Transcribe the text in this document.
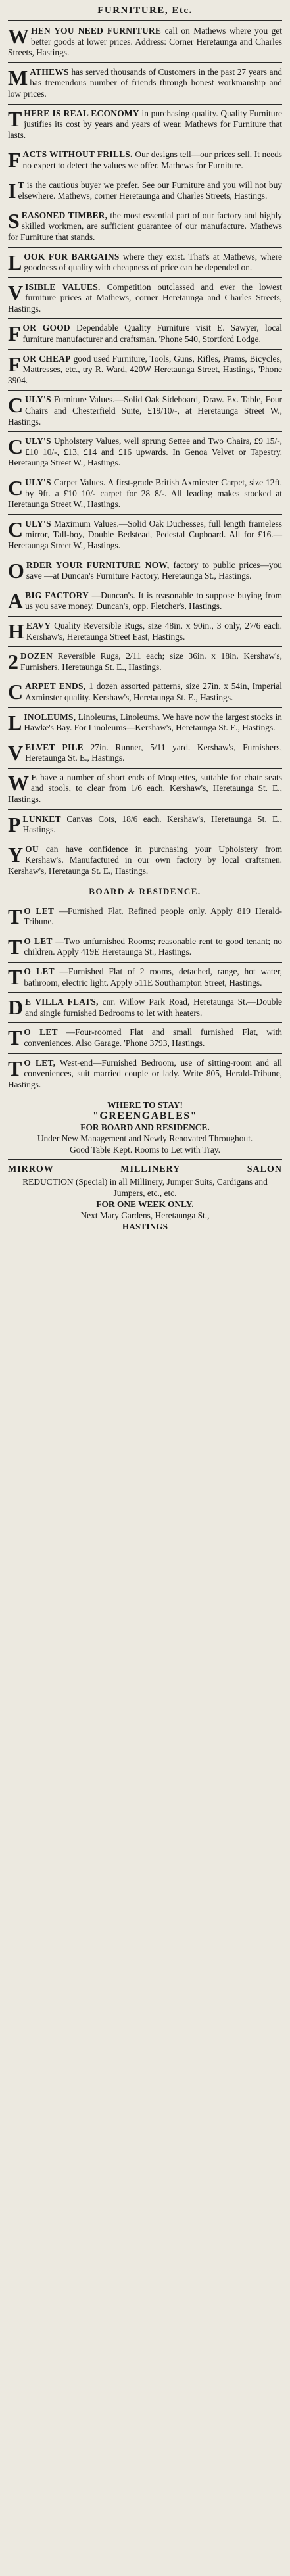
FURNITURE, Etc.

WHEN YOU NEED FURNITURE call on Mathews where you get better goods at lower prices. Address: Corner Heretaunga and Charles Streets, Hastings.

MATHEWS has served thousands of Customers in the past 27 years and has tremendous number of friends through honest workmanship and low prices.

THERE IS REAL ECONOMY in purchasing quality. Quality Furniture justifies its cost by years and years of wear. Mathews for Furniture that lasts.

FACTS WITHOUT FRILLS. Our designs tell—our prices sell. It needs no expert to detect the values we offer. Mathews for Furniture.

I T is the cautious buyer we prefer. See our Furniture and you will not buy elsewhere. Mathews, corner Heretaunga and Charles Streets, Hastings.

SEASONED TIMBER, the most essential part of our factory and highly skilled workmen, are sufficient guarantee of our manufacture. Mathews for Furniture that stands.

LOOK FOR BARGAINS where they exist. That's at Mathews, where goodness of quality with cheapness of price can be depended on.

VISIBLE VALUES. Competition outclassed and ever the lowest furniture prices at Mathews, corner Heretaunga and Charles Streets, Hastings.

FOR GOOD Dependable Quality Furniture visit E. Sawyer, local furniture manufacturer and craftsman. 'Phone 540, Stortford Lodge.

FOR CHEAP good used Furniture, Tools, Guns, Rifles, Prams, Bicycles, Mattresses, etc., try R. Ward, 420W Heretaunga Street, Hastings, 'Phone 3904.

CULY'S Furniture Values.—Solid Oak Sideboard, Draw. Ex. Table, Four Chairs and Chesterfield Suite, £19/10/-, at Heretaunga Street W., Hastings.

CULY'S Upholstery Values, well sprung Settee and Two Chairs, £9 15/-, £10 10/-, £13, £14 and £16 upwards. In Genoa Velvet or Tapestry. Heretaunga Street W., Hastings.

CULY'S Carpet Values. A first-grade British Axminster Carpet, size 12ft. by 9ft. a £10 10/- carpet for 28 8/-. All leading makes stocked at Heretaunga Street W., Hastings.

CULY'S Maximum Values.—Solid Oak Duchesses, full length frameless mirror, Tall-boy, Double Bedstead, Pedestal Cupboard. All for £16.—Heretaunga Street W., Hastings.

ORDER YOUR FURNITURE NOW, factory to public prices—you save —at Duncan's Furniture Factory, Heretaunga St., Hastings.

ABIG FACTORY —Duncan's. It is reasonable to suppose buying from us you save money. Duncan's, opp. Fletcher's, Hastings.

HEAVY Quality Reversible Rugs, size 48in. x 90in., 3 only, 27/6 each. Kershaw's, Heretaunga Street East, Hastings.

2 DOZEN Reversible Rugs, 2/11 each; size 36in. x 18in. Kershaw's, Furnishers, Heretaunga St. E., Hastings.

CARPET ENDS, 1 dozen assorted patterns, size 27in. x 54in, Imperial Axminster quality. Kershaw's, Heretaunga St. E., Hastings.

LINOLEUMS, Linoleums, Linoleums. We have now the largest stocks in Hawke's Bay. For Linoleums—Kershaw's, Heretaunga St. E., Hastings.

VELVET PILE 27in. Runner, 5/11 yard. Kershaw's, Furnishers, Heretaunga St. E., Hastings.

W E have a number of short ends of Moquettes, suitable for chair seats and stools, to clear from 1/6 each. Kershaw's, Heretaunga St. E., Hastings.

PLUNKET Canvas Cots, 18/6 each. Kershaw's, Heretaunga St. E., Hastings.

YOU can have confidence in purchasing your Upholstery from Kershaw's. Manufactured in our own factory by local craftsmen. Kershaw's, Heretaunga St. E., Hastings.

BOARD & RESIDENCE.

T O LET —Furnished Flat. Refined people only. Apply 819 Herald-Tribune.

T O LET —Two unfurnished Rooms; reasonable rent to good tenant; no children. Apply 419E Heretaunga St., Hastings.

T O LET —Furnished Flat of 2 rooms, detached, range, hot water, bathroom, electric light. Apply 511E Southampton Street, Hastings.

D E VILLA FLATS, cnr. Willow Park Road, Heretaunga St.—Double and single furnished Bedrooms to let with heaters.

T O LET —Four-roomed Flat and small furnished Flat, with conveniences. Also Garage. 'Phone 3793, Hastings.

T O LET, West-end—Furnished Bedroom, use of sitting-room and all conveniences, suit married couple or lady. Write 805, Herald-Tribune, Hastings.

WHERE TO STAY!
"GREENGABLES"
FOR BOARD AND RESIDENCE.
Under New Management and Newly Renovated Throughout.
Good Table Kept. Rooms to Let with Tray.
MIRROW	MILLINERY	SALON
REDUCTION (Special) in all Millinery, Jumper Suits, Cardigans and Jumpers, etc., etc.
FOR ONE WEEK ONLY.
Next Mary Gardens, Heretaunga St.,
HASTINGS
